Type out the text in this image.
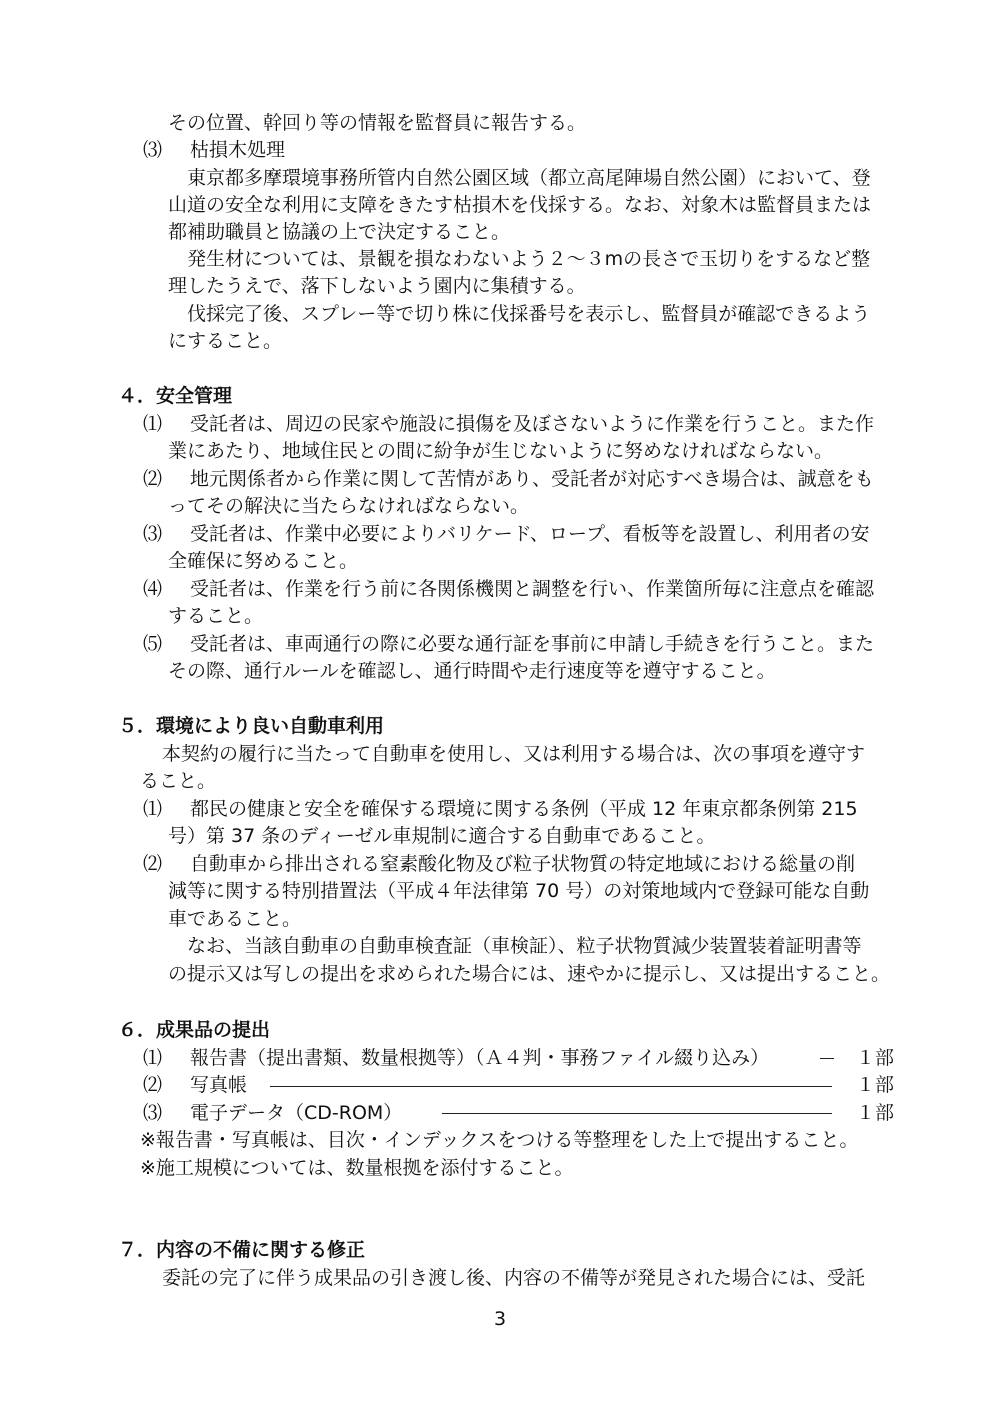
その位置、幹回り等の情報を監督員に報告する。
⑶ 枯損木処理
　東京都多摩環境事務所管内自然公園区域（都立高尾陣場自然公園）において、登
山道の安全な利用に支障をきたす枯損木を伐採する。なお、対象木は監督員または
都補助職員と協議の上で決定すること。
　発生材については、景観を損なわないよう２～３mの長さで玉切りをするなど整
理したうえで、落下しないよう園内に集積する。
　伐採完了後、スプレー等で切り株に伐採番号を表示し、監督員が確認できるよう
にすること。
４．安全管理
⑴ 受託者は、周辺の民家や施設に損傷を及ぼさないように作業を行うこと。また作
業にあたり、地域住民との間に紛争が生じないように努めなければならない。
⑵ 地元関係者から作業に関して苦情があり、受託者が対応すべき場合は、誠意をも
ってその解決に当たらなければならない。
⑶ 受託者は、作業中必要によりバリケード、ロープ、看板等を設置し、利用者の安
全確保に努めること。
⑷ 受託者は、作業を行う前に各関係機関と調整を行い、作業箇所毎に注意点を確認
すること。
⑸ 受託者は、車両通行の際に必要な通行証を事前に申請し手続きを行うこと。また
その際、通行ルールを確認し、通行時間や走行速度等を遵守すること。
５．環境により良い自動車利用
本契約の履行に当たって自動車を使用し、又は利用する場合は、次の事項を遵守す
ること。
⑴ 都民の健康と安全を確保する環境に関する条例（平成 12 年東京都条例第 215
号）第 37 条のディーゼル車規制に適合する自動車であること。
⑵ 自動車から排出される窒素酸化物及び粒子状物質の特定地域における総量の削
減等に関する特別措置法（平成４年法律第 70 号）の対策地域内で登録可能な自動
車であること。
　なお、当該自動車の自動車検査証（車検証）、粒子状物質減少装置装着証明書等
の提示又は写しの提出を求められた場合には、速やかに提示し、又は提出すること。
６．成果品の提出
⑴ 報告書（提出書類、数量根拠等）（Ａ４判・事務ファイル綴り込み）	１部
⑵ 写真帳	１部
⑶ 電子データ（CD-ROM）	１部
※報告書・写真帳は、目次・インデックスをつける等整理をした上で提出すること。
※施工規模については、数量根拠を添付すること。
７．内容の不備に関する修正
委託の完了に伴う成果品の引き渡し後、内容の不備等が発見された場合には、受託
3
